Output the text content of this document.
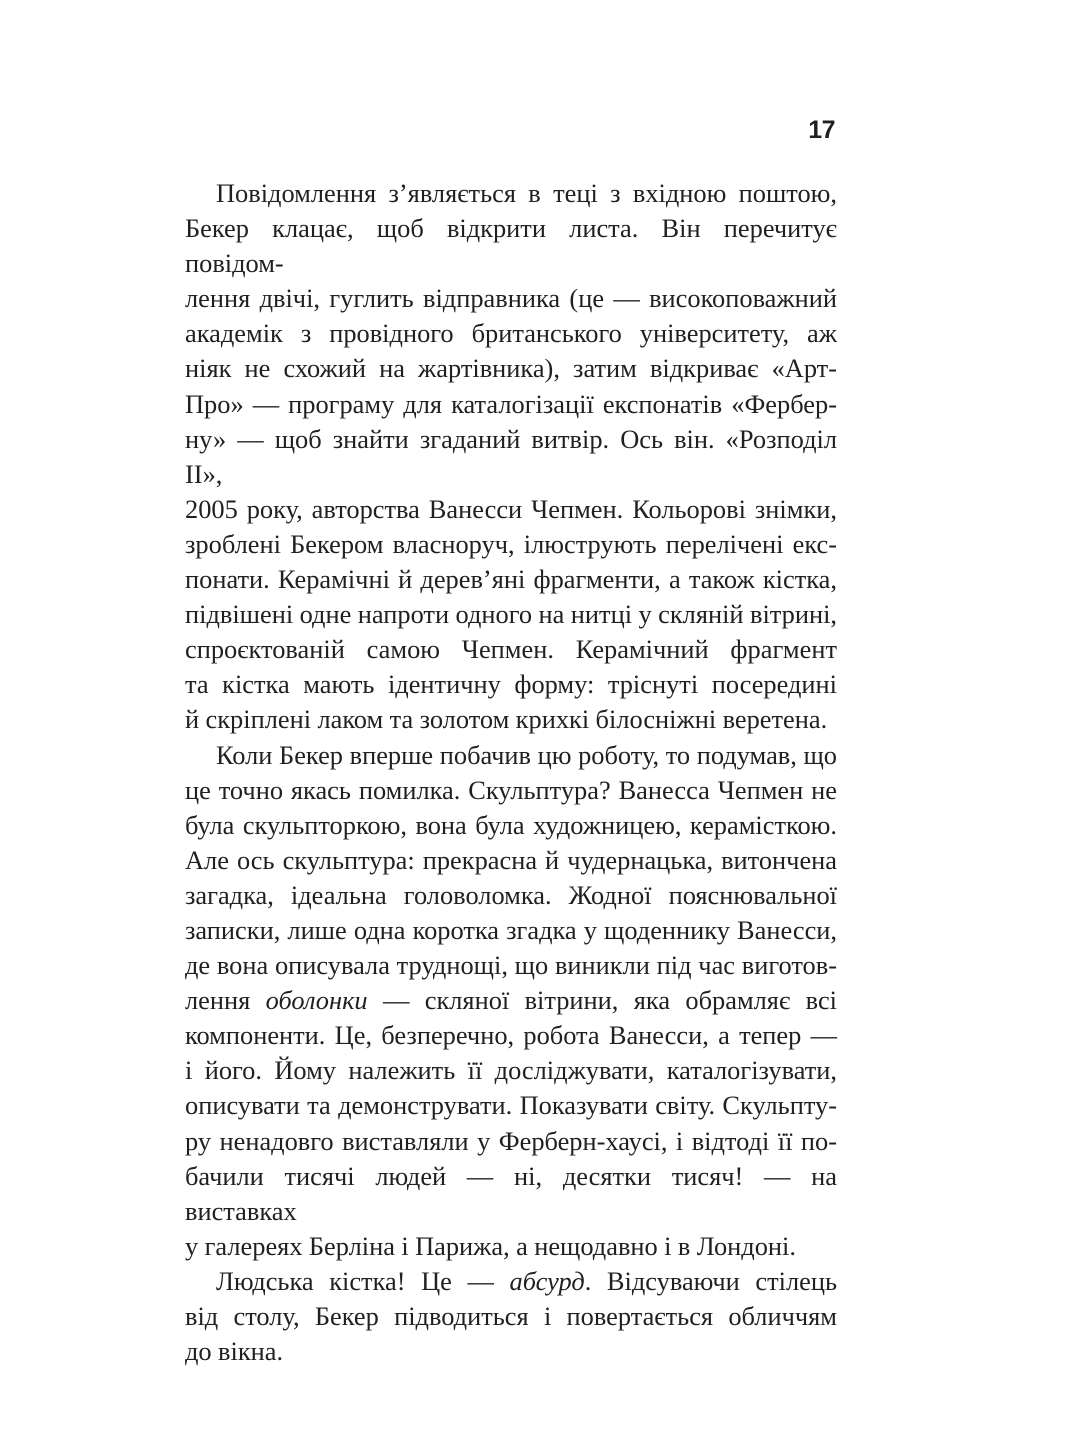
17

Повідомлення з’являється в теці з вхідною поштою,
Бекер клацає, щоб відкрити листа. Він перечитує повідом-
лення двічі, гуглить відправника (це — високоповажний
академік з провідного британського університету, аж
ніяк не схожий на жартівника), затим відкриває «Арт-
Про» — програму для каталогізації експонатів «Фербер-
ну» — щоб знайти згаданий витвір. Ось він. «Розподіл II»,
2005 року, авторства Ванесси Чепмен. Кольорові знімки,
зроблені Бекером власноруч, ілюструють перелічені екс-
понати. Керамічні й дерев’яні фрагменти, а також кістка,
підвішені одне напроти одного на нитці у скляній вітрині,
спроєктованій самою Чепмен. Керамічний фрагмент
та кістка мають ідентичну форму: тріснуті посередині
й скріплені лаком та золотом крихкі білосніжні веретена.

Коли Бекер вперше побачив цю роботу, то подумав, що
це точно якась помилка. Скульптура? Ванесса Чепмен не
була скульпторкою, вона була художницею, керамісткою.
Але ось скульптура: прекрасна й чудернацька, витончена
загадка, ідеальна головоломка. Жодної пояснювальної
записки, лише одна коротка згадка у щоденнику Ванесси,
де вона описувала труднощі, що виникли під час виготов-
лення оболонки — скляної вітрини, яка обрамляє всі
компоненти. Це, безперечно, робота Ванесси, а тепер —
і його. Йому належить її досліджувати, каталогізувати,
описувати та демонструвати. Показувати світу. Скульпту-
ру ненадовго виставляли у Ферберн-хаусі, і відтоді її по-
бачили тисячі людей — ні, десятки тисяч! — на виставках
у галереях Берліна і Парижа, а нещодавно і в Лондоні.

Людська кістка! Це — абсурд. Відсуваючи стілець
від столу, Бекер підводиться і повертається обличчям
до вікна.
